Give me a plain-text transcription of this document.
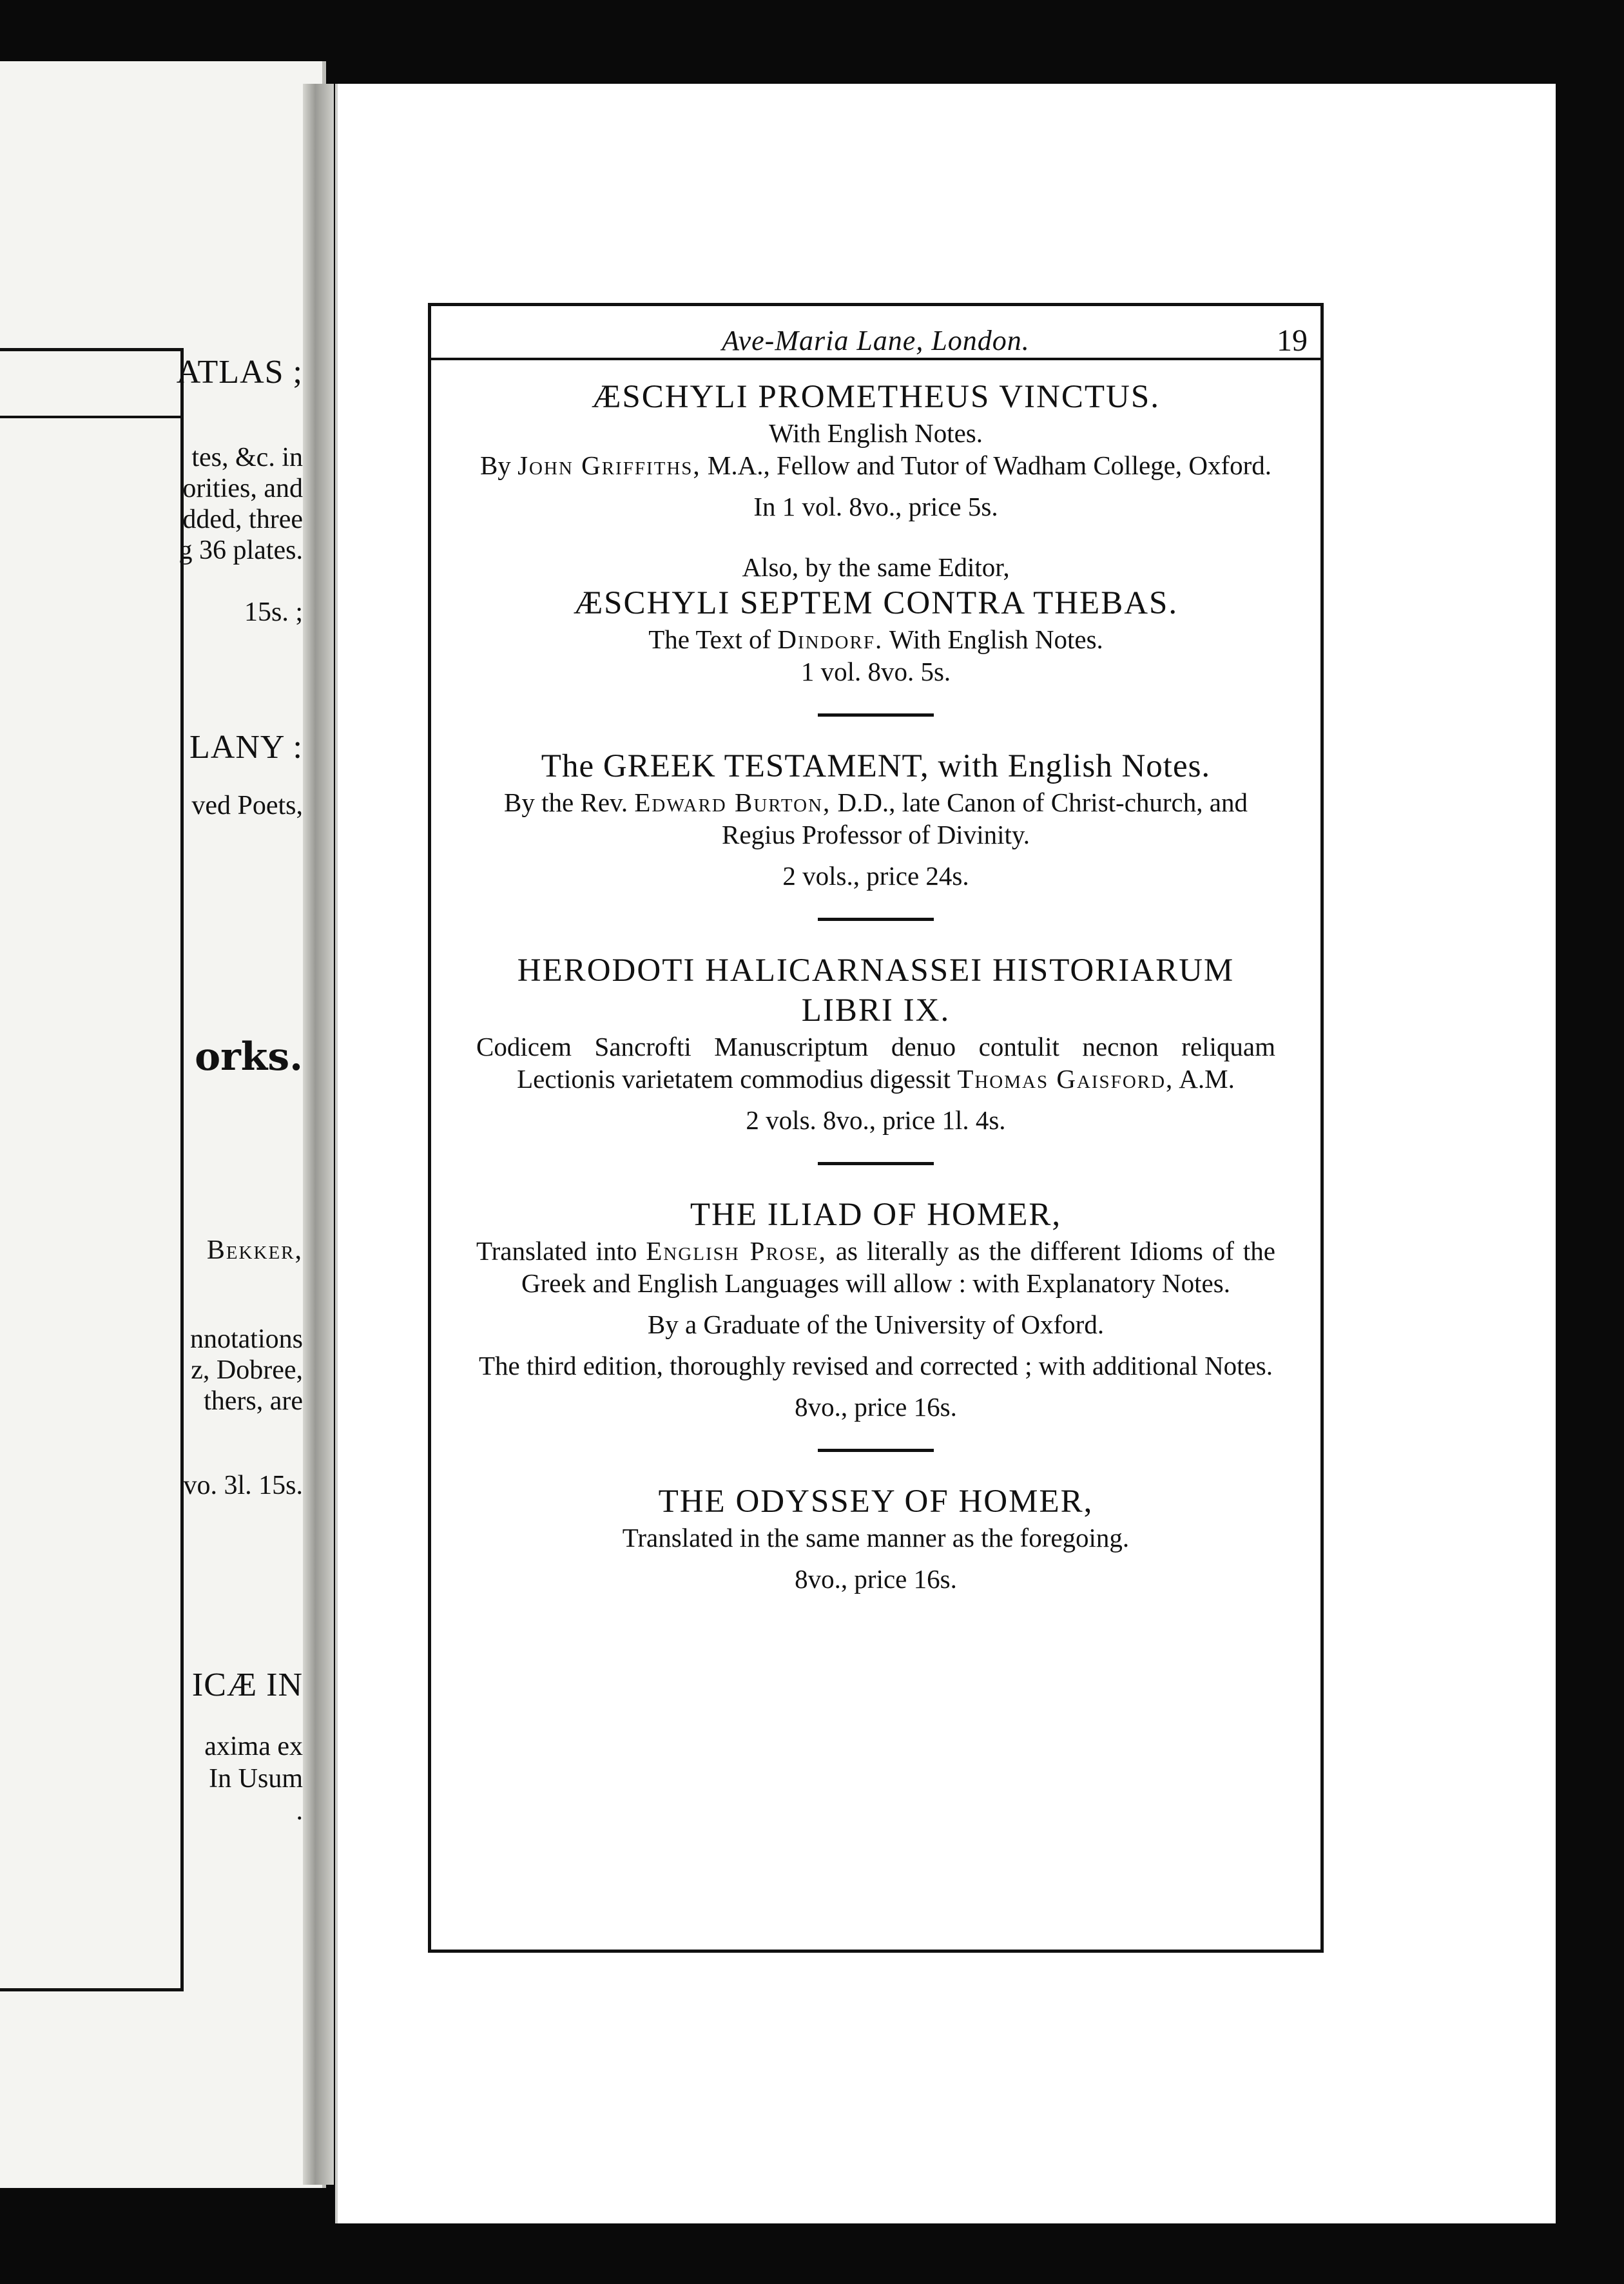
ATLAS ;
tes, &c. in
orities, and
dded, three
g 36 plates.
15s. ;
LANY :
ved Poets,
orks.
Bekker,
nnotations
z, Dobree,
thers, are
vo. 3l. 15s.
ICÆ IN
axima ex
In Usum
.
Ave-Maria Lane, London.	19

ÆSCHYLI PROMETHEUS VINCTUS.

With English Notes.

By John Griffiths, M.A., Fellow and Tutor of Wadham College, Oxford.

In 1 vol. 8vo., price 5s.

Also, by the same Editor,

ÆSCHYLI SEPTEM CONTRA THEBAS.

The Text of Dindorf. With English Notes.

1 vol. 8vo. 5s.

The GREEK TESTAMENT, with English Notes.

By the Rev. Edward Burton, D.D., late Canon of Christ-church, and Regius Professor of Divinity.

2 vols., price 24s.

HERODOTI HALICARNASSEI HISTORIARUM LIBRI IX.

Codicem Sancrofti Manuscriptum denuo contulit necnon reliquam Lectionis varietatem commodius digessit Thomas Gaisford, A.M.

2 vols. 8vo., price 1l. 4s.

THE ILIAD OF HOMER,

Translated into English Prose, as literally as the different Idioms of the Greek and English Languages will allow : with Explanatory Notes.

By a Graduate of the University of Oxford.

The third edition, thoroughly revised and corrected ; with additional Notes.

8vo., price 16s.

THE ODYSSEY OF HOMER,

Translated in the same manner as the foregoing.

8vo., price 16s.
